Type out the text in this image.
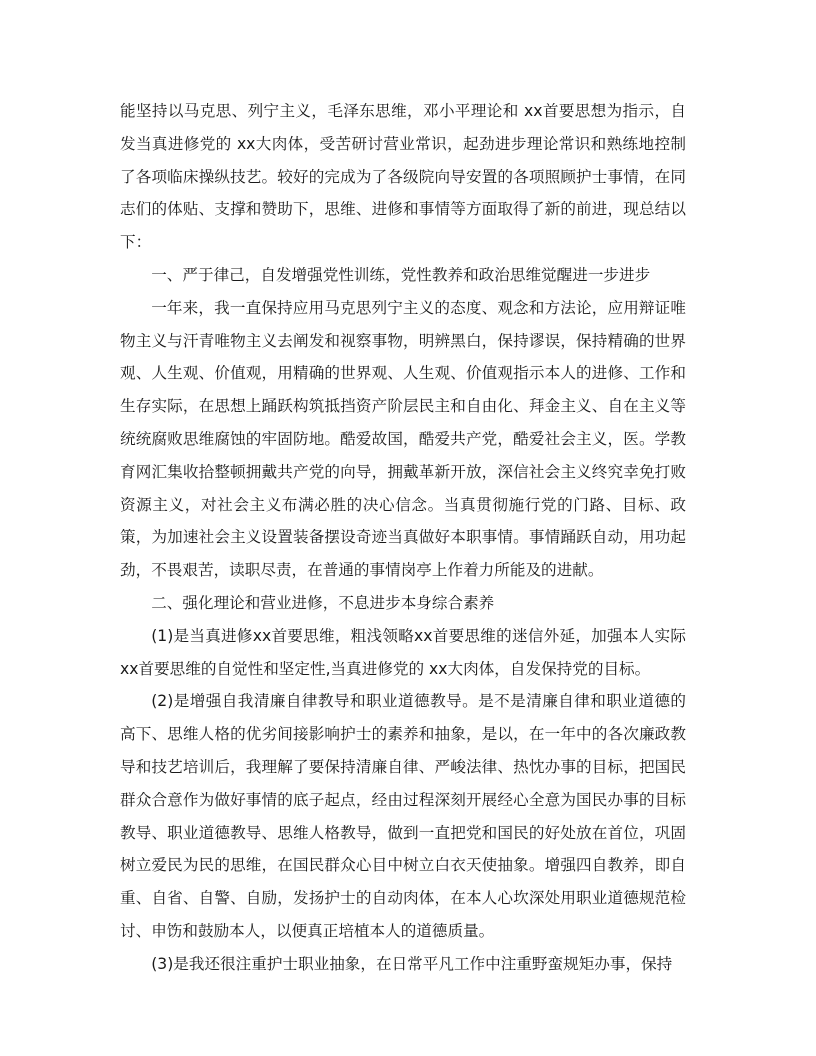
能坚持以马克思、列宁主义，毛泽东思维，邓小平理论和 xx首要思想为指示，自发当真进修党的 xx大肉体，受苦研讨营业常识，起劲进步理论常识和熟练地控制了各项临床操纵技艺。较好的完成为了各级院向导安置的各项照顾护士事情，在同志们的体贴、支撑和赞助下，思维、进修和事情等方面取得了新的前进，现总结以下：

一、严于律己，自发增强党性训练，党性教养和政治思维觉醒进一步进步

一年来，我一直保持应用马克思列宁主义的态度、观念和方法论，应用辩证唯物主义与汗青唯物主义去阐发和视察事物，明辨黑白，保持谬误，保持精确的世界观、人生观、价值观，用精确的世界观、人生观、价值观指示本人的进修、工作和生存实际，在思想上踊跃构筑抵挡资产阶层民主和自由化、拜金主义、自在主义等统统腐败思维腐蚀的牢固防地。酷爱故国，酷爱共产党，酷爱社会主义，医。学教育网汇集收拾整顿拥戴共产党的向导，拥戴革新开放，深信社会主义终究幸免打败资源主义，对社会主义布满必胜的决心信念。当真贯彻施行党的门路、目标、政策，为加速社会主义设置装备摆设奇迹当真做好本职事情。事情踊跃自动，用功起劲，不畏艰苦，读职尽责，在普通的事情岗亭上作着力所能及的进献。

二、强化理论和营业进修，不息进步本身综合素养

(1)是当真进修xx首要思维，粗浅领略xx首要思维的迷信外延，加强本人实际 xx首要思维的自觉性和坚定性,当真进修党的 xx大肉体，自发保持党的目标。

(2)是增强自我清廉自律教导和职业道德教导。是不是清廉自律和职业道德的高下、思维人格的优劣间接影响护士的素养和抽象，是以，在一年中的各次廉政教导和技艺培训后，我理解了要保持清廉自律、严峻法律、热忱办事的目标，把国民群众合意作为做好事情的底子起点，经由过程深刻开展经心全意为国民办事的目标教导、职业道德教导、思维人格教导，做到一直把党和国民的好处放在首位，巩固树立爱民为民的思维，在国民群众心目中树立白衣天使抽象。增强四自教养，即自重、自省、自警、自励，发扬护士的自动肉体，在本人心坎深处用职业道德规范检讨、申饬和鼓励本人，以便真正培植本人的道德质量。

(3)是我还很注重护士职业抽象，在日常平凡工作中注重野蛮规矩办事，保持
